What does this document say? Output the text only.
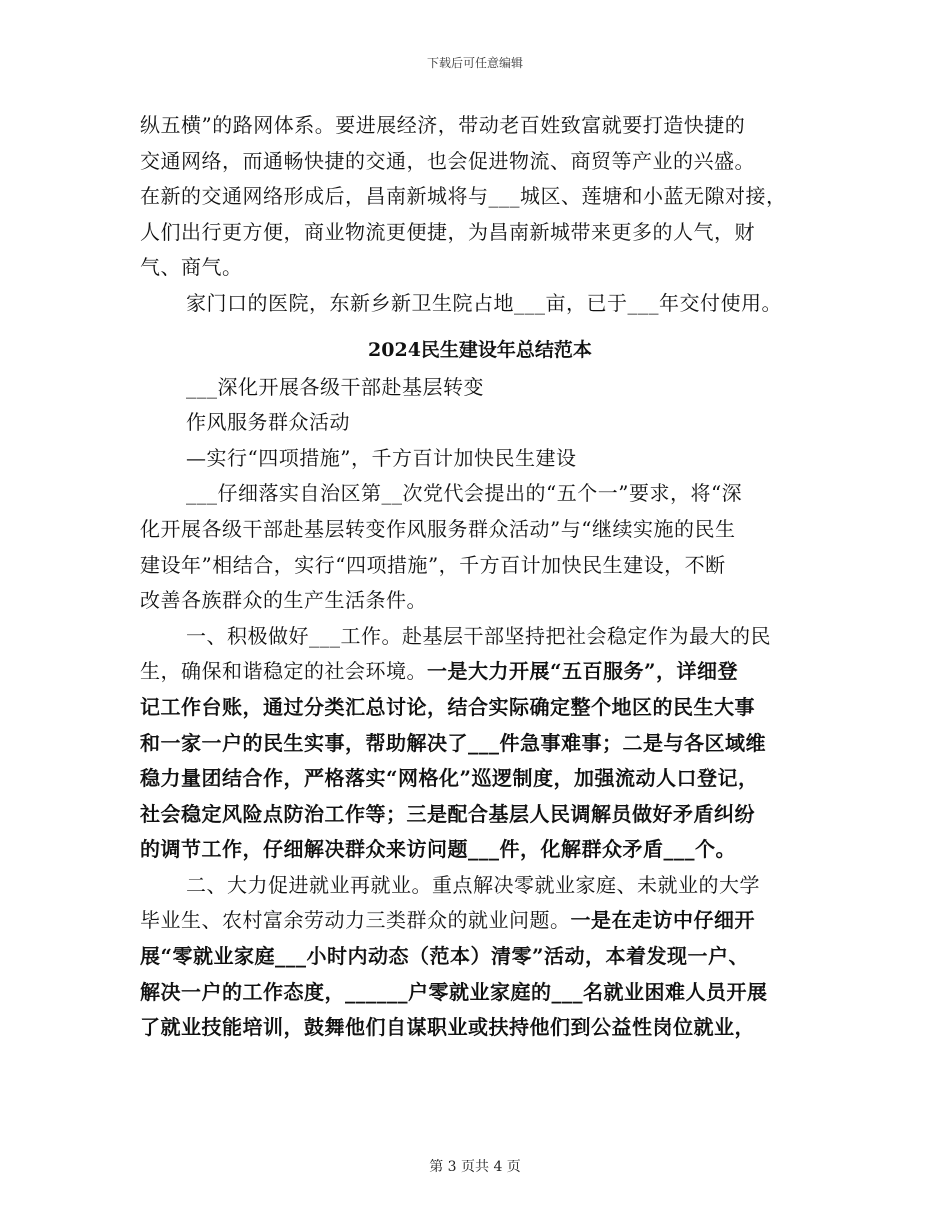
下载后可任意编辑
纵五横”的路网体系。要进展经济，带动老百姓致富就要打造快捷的
交通网络，而通畅快捷的交通，也会促进物流、商贸等产业的兴盛。
在新的交通网络形成后，昌南新城将与___城区、莲塘和小蓝无隙对接，
人们出行更方便，商业物流更便捷，为昌南新城带来更多的人气，财
气、商气。
家门口的医院，东新乡新卫生院占地___亩，已于___年交付使用。
2024民生建设年总结范本
___深化开展各级干部赴基层转变
作风服务群众活动
—实行“四项措施”，千方百计加快民生建设
___仔细落实自治区第__次党代会提出的“五个一”要求，将“深
化开展各级干部赴基层转变作风服务群众活动”与“继续实施的民生
建设年”相结合，实行“四项措施”，千方百计加快民生建设，不断
改善各族群众的生产生活条件。
一、积极做好___工作。赴基层干部坚持把社会稳定作为最大的民
生，确保和谐稳定的社会环境。一是大力开展“五百服务”，详细登
记工作台账，通过分类汇总讨论，结合实际确定整个地区的民生大事
和一家一户的民生实事，帮助解决了___件急事难事；二是与各区域维
稳力量团结合作，严格落实“网格化”巡逻制度，加强流动人口登记，
社会稳定风险点防治工作等；三是配合基层人民调解员做好矛盾纠纷
的调节工作，仔细解决群众来访问题___件，化解群众矛盾___个。
二、大力促进就业再就业。重点解决零就业家庭、未就业的大学
毕业生、农村富余劳动力三类群众的就业问题。一是在走访中仔细开
展“零就业家庭___小时内动态（范本）清零”活动，本着发现一户、
解决一户的工作态度，______户零就业家庭的___名就业困难人员开展
了就业技能培训，鼓舞他们自谋职业或扶持他们到公益性岗位就业，
第 3 页共 4 页
